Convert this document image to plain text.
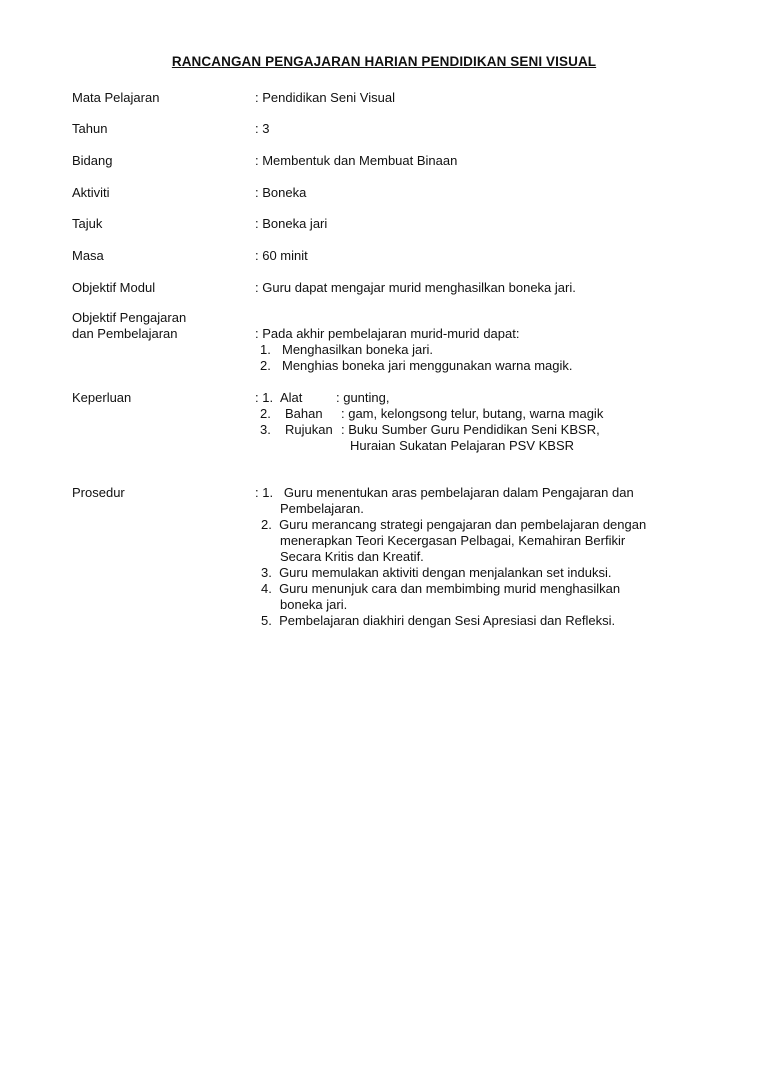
RANCANGAN PENGAJARAN HARIAN PENDIDIKAN SENI VISUAL
Mata Pelajaran	: Pendidikan Seni Visual
Tahun	: 3
Bidang	: Membentuk dan Membuat Binaan
Aktiviti	: Boneka
Tajuk	: Boneka jari
Masa	: 60 minit
Objektif Modul	: Guru dapat mengajar murid menghasilkan boneka jari.
Objektif Pengajaran
dan Pembelajaran	: Pada akhir pembelajaran murid-murid dapat:
1. Menghasilkan boneka jari.
2. Menghias boneka jari menggunakan warna magik.
Keperluan	: 1. Alat	: gunting,
2.	Bahan	: gam, kelongsong telur, butang, warna magik
3.	Rujukan : Buku Sumber Guru Pendidikan Seni KBSR,
Huraian Sukatan Pelajaran PSV KBSR
Prosedur	: 1.   Guru menentukan aras pembelajaran dalam Pengajaran dan
Pembelajaran.
2.  Guru merancang strategi pengajaran dan pembelajaran dengan
menerapkan Teori Kecergasan Pelbagai, Kemahiran Berfikir
Secara Kritis dan Kreatif.
3.  Guru memulakan aktiviti dengan menjalankan set induksi.
4.  Guru menunjuk cara dan membimbing murid menghasilkan
boneka jari.
5.  Pembelajaran diakhiri dengan Sesi Apresiasi dan Refleksi.
